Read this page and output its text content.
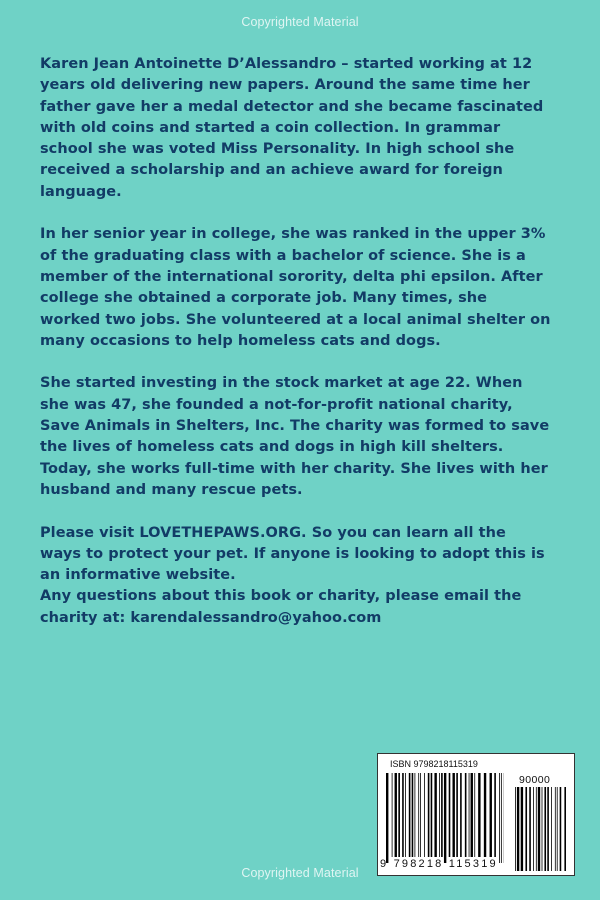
Copyrighted Material

Karen Jean Antoinette D’Alessandro – started working at 12
years old delivering new papers. Around the same time her
father gave her a medal detector and she became fascinated
with old coins and started a coin collection. In grammar
school she was voted Miss Personality. In high school she
received a scholarship and an achieve award for foreign
language.

In her senior year in college, she was ranked in the upper 3%
of the graduating class with a bachelor of science. She is a
member of the international sorority, delta phi epsilon. After
college she obtained a corporate job. Many times, she
worked two jobs. She volunteered at a local animal shelter on
many occasions to help homeless cats and dogs.

She started investing in the stock market at age 22. When
she was 47, she founded a not-for-profit national charity,
Save Animals in Shelters, Inc. The charity was formed to save
the lives of homeless cats and dogs in high kill shelters.
Today, she works full-time with her charity. She lives with her
husband and many rescue pets.

Please visit LOVETHEPAWS.ORG. So you can learn all the
ways to protect your pet. If anyone is looking to adopt this is
an informative website.

Any questions about this book or charity, please email the
charity at: karendalessandro@yahoo.com

ISBN 9798218115319
90000
9 798218 115319
Copyrighted Material
